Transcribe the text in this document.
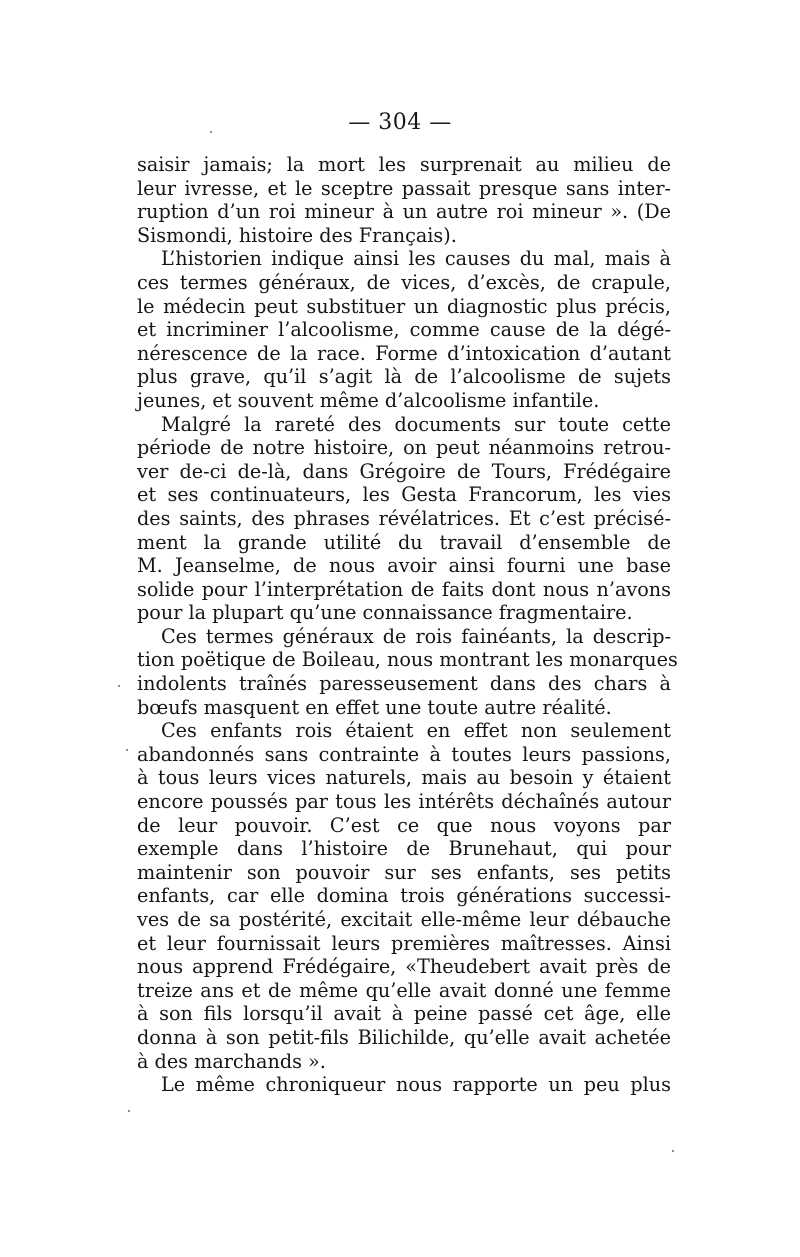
— 304 —
saisir jamais; la mort les surprenait au milieu de
leur ivresse, et le sceptre passait presque sans inter-
ruption d’un roi mineur à un autre roi mineur ». (De
Sismondi, histoire des Français).
L’historien indique ainsi les causes du mal, mais à
ces termes généraux, de vices, d’excès, de crapule,
le médecin peut substituer un diagnostic plus précis,
et incriminer l’alcoolisme, comme cause de la dégé-
nérescence de la race. Forme d’intoxication d’autant
plus grave, qu’il s’agit là de l’alcoolisme de sujets
jeunes, et souvent même d’alcoolisme infantile.
Malgré la rareté des documents sur toute cette
période de notre histoire, on peut néanmoins retrou-
ver de-ci de-là, dans Grégoire de Tours, Frédégaire
et ses continuateurs, les Gesta Francorum, les vies
des saints, des phrases révélatrices. Et c’est précisé-
ment la grande utilité du travail d’ensemble de
M. Jeanselme, de nous avoir ainsi fourni une base
solide pour l’interprétation de faits dont nous n’avons
pour la plupart qu’une connaissance fragmentaire.
Ces termes généraux de rois fainéants, la descrip-
tion poëtique de Boileau, nous montrant les monarques
indolents traînés paresseusement dans des chars à
bœufs masquent en effet une toute autre réalité.
Ces enfants rois étaient en effet non seulement
abandonnés sans contrainte à toutes leurs passions,
à tous leurs vices naturels, mais au besoin y étaient
encore poussés par tous les intérêts déchaînés autour
de leur pouvoir. C’est ce que nous voyons par
exemple dans l’histoire de Brunehaut, qui pour
maintenir son pouvoir sur ses enfants, ses petits
enfants, car elle domina trois générations successi-
ves de sa postérité, excitait elle-même leur débauche
et leur fournissait leurs premières maîtresses. Ainsi
nous apprend Frédégaire, «Theudebert avait près de
treize ans et de même qu’elle avait donné une femme
à son fils lorsqu’il avait à peine passé cet âge, elle
donna à son petit-fils Bilichilde, qu’elle avait achetée
à des marchands ».
Le même chroniqueur nous rapporte un peu plus
